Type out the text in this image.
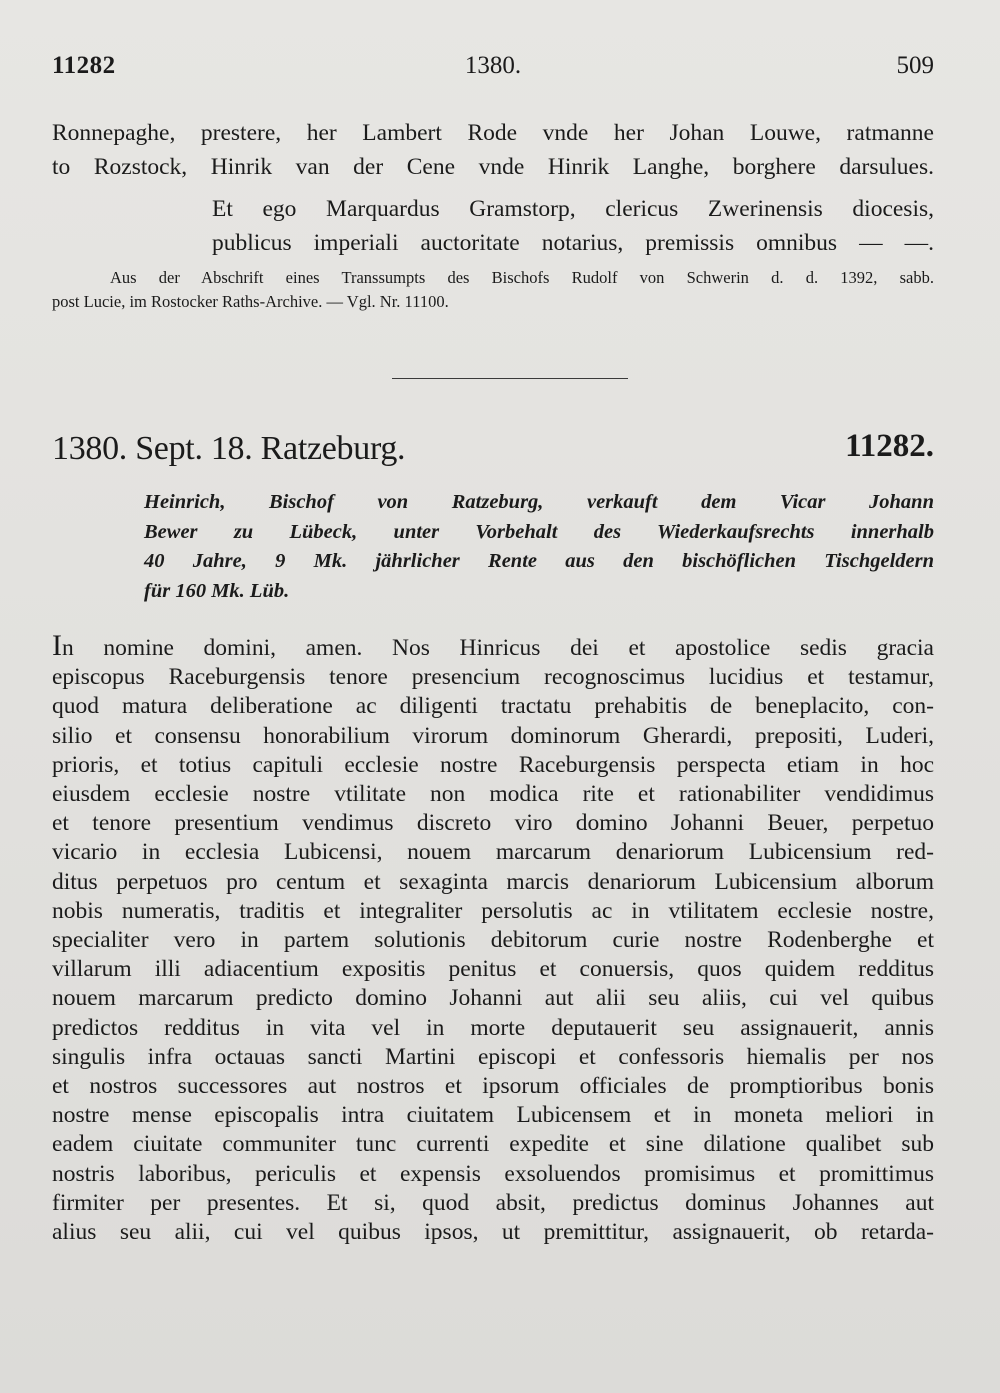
11282	1380.	509
Ronnepaghe, prestere, her Lambert Rode vnde her Johan Louwe, ratmanne
to Rozstock, Hinrik van der Cene vnde Hinrik Langhe, borghere darsulues.
Et ego Marquardus Gramstorp, clericus Zwerinensis diocesis,
publicus imperiali auctoritate notarius, premissis omnibus — —.
Aus der Abschrift eines Transsumpts des Bischofs Rudolf von Schwerin d. d. 1392, sabb.
post Lucie, im Rostocker Raths-Archive. — Vgl. Nr. 11100.
1380. Sept. 18. Ratzeburg.	11282.
Heinrich, Bischof von Ratzeburg, verkauft dem Vicar Johann
Bewer zu Lübeck, unter Vorbehalt des Wiederkaufsrechts innerhalb
40 Jahre, 9 Mk. jährlicher Rente aus den bischöflichen Tischgeldern
für 160 Mk. Lüb.
In nomine domini, amen. Nos Hinricus dei et apostolice sedis gracia
episcopus Raceburgensis tenore presencium recognoscimus lucidius et testamur,
quod matura deliberatione ac diligenti tractatu prehabitis de beneplacito, con-
silio et consensu honorabilium virorum dominorum Gherardi, prepositi, Luderi,
prioris, et totius capituli ecclesie nostre Raceburgensis perspecta etiam in hoc
eiusdem ecclesie nostre vtilitate non modica rite et rationabiliter vendidimus
et tenore presentium vendimus discreto viro domino Johanni Beuer, perpetuo
vicario in ecclesia Lubicensi, nouem marcarum denariorum Lubicensium red-
ditus perpetuos pro centum et sexaginta marcis denariorum Lubicensium alborum
nobis numeratis, traditis et integraliter persolutis ac in vtilitatem ecclesie nostre,
specialiter vero in partem solutionis debitorum curie nostre Rodenberghe et
villarum illi adiacentium expositis penitus et conuersis, quos quidem redditus
nouem marcarum predicto domino Johanni aut alii seu aliis, cui vel quibus
predictos redditus in vita vel in morte deputauerit seu assignauerit, annis
singulis infra octauas sancti Martini episcopi et confessoris hiemalis per nos
et nostros successores aut nostros et ipsorum officiales de promptioribus bonis
nostre mense episcopalis intra ciuitatem Lubicensem et in moneta meliori in
eadem ciuitate communiter tunc currenti expedite et sine dilatione qualibet sub
nostris laboribus, periculis et expensis exsoluendos promisimus et promittimus
firmiter per presentes. Et si, quod absit, predictus dominus Johannes aut
alius seu alii, cui vel quibus ipsos, ut premittitur, assignauerit, ob retarda-
